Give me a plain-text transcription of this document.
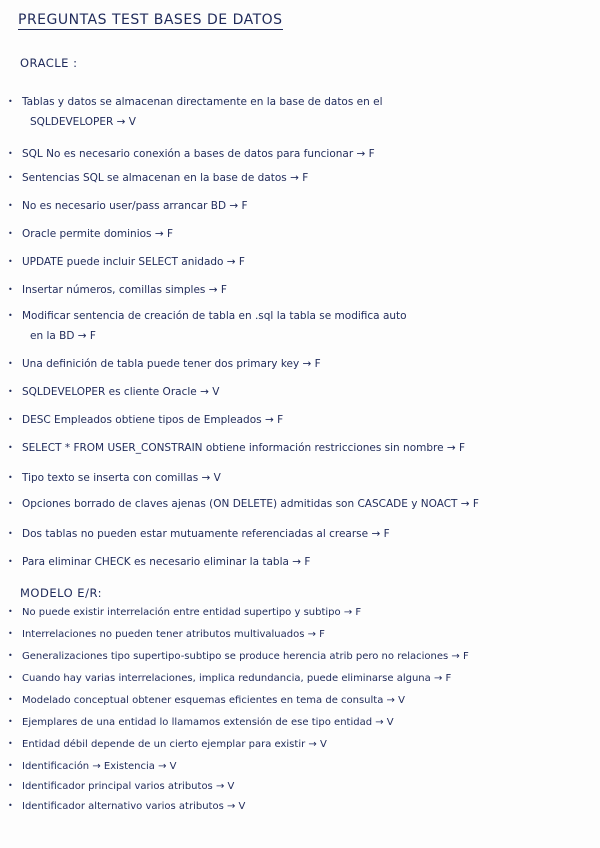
PREGUNTAS TEST BASES DE DATOS
ORACLE :
• Tablas y datos se almacenan directamente en la base de datos en el
SQLDEVELOPER → V
• SQL No es necesario conexión a bases de datos para funcionar → F
• Sentencias SQL se almacenan en la base de datos → F
• No es necesario user/pass arrancar BD → F
• Oracle permite dominios → F
• UPDATE puede incluir SELECT anidado → F
• Insertar números, comillas simples → F
• Modificar sentencia de creación de tabla en .sql la tabla se modifica auto
en la BD → F
• Una definición de tabla puede tener dos primary key → F
• SQLDEVELOPER es cliente Oracle → V
• DESC Empleados obtiene tipos de Empleados → F
• SELECT * FROM USER_CONSTRAIN obtiene información restricciones sin nombre → F
• Tipo texto se inserta con comillas → V
• Opciones borrado de claves ajenas (ON DELETE) admitidas son CASCADE y NOACT → F
• Dos tablas no pueden estar mutuamente referenciadas al crearse → F
• Para eliminar CHECK es necesario eliminar la tabla → F
MODELO E/R:
• No puede existir interrelación entre entidad supertipo y subtipo → F
• Interrelaciones no pueden tener atributos multivaluados → F
• Generalizaciones tipo supertipo-subtipo se produce herencia atrib pero no relaciones → F
• Cuando hay varias interrelaciones, implica redundancia, puede eliminarse alguna → F
• Modelado conceptual obtener esquemas eficientes en tema de consulta → V
• Ejemplares de una entidad lo llamamos extensión de ese tipo entidad → V
• Entidad débil depende de un cierto ejemplar para existir → V
• Identificación → Existencia → V
• Identificador principal varios atributos → V
• Identificador alternativo varios atributos → V
